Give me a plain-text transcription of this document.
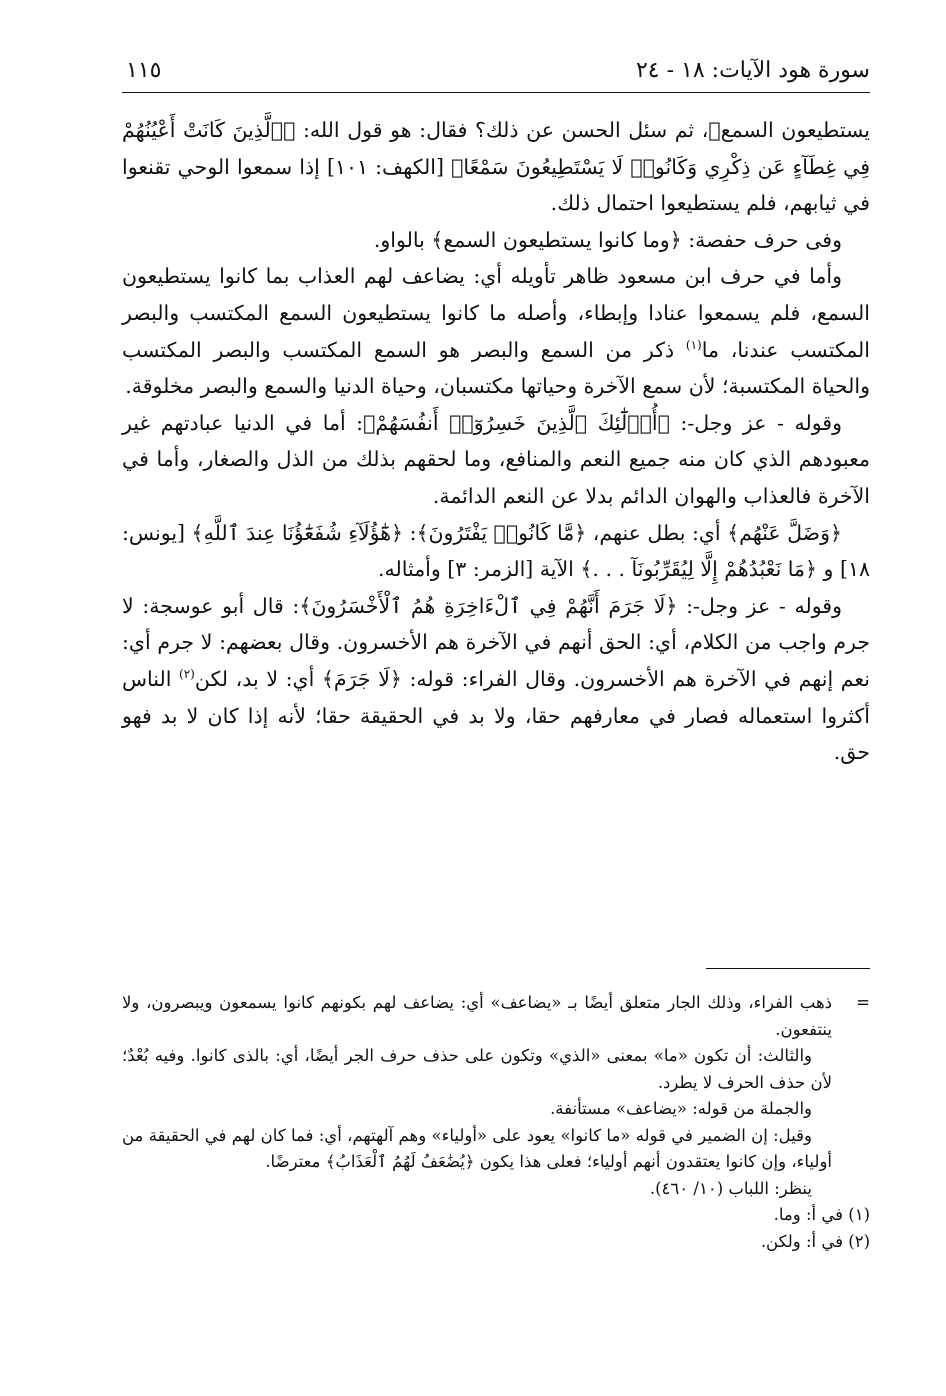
سورة هود الآيات: ١٨ - ٢٤
١١٥

يستطيعون السمع﴾، ثم سئل الحسن عن ذلك؟ فقال: هو قول الله: ﴿ٱلَّذِينَ كَانَتْ أَعْيُنُهُمْ فِي غِطَآءٍ عَن ذِكْرِي وَكَانُوا۟ لَا يَسْتَطِيعُونَ سَمْعًا﴾ [الكهف: ١٠١] إذا سمعوا الوحي تقنعوا في ثيابهم، فلم يستطيعوا احتمال ذلك.

وفى حرف حفصة: ﴿وما كانوا يستطيعون السمع﴾ بالواو.

وأما في حرف ابن مسعود ظاهر تأويله أي: يضاعف لهم العذاب بما كانوا يستطيعون السمع، فلم يسمعوا عنادا وإبطاء، وأصله ما كانوا يستطيعون السمع المكتسب والبصر المكتسب عندنا، ما$^{(١)}$ ذكر من السمع والبصر هو السمع المكتسب والبصر المكتسب والحياة المكتسبة؛ لأن سمع الآخرة وحياتها مكتسبان، وحياة الدنيا والسمع والبصر مخلوقة.

وقوله - عز وجل-: ﴿أُو۟لَٰٓئِكَ ٱلَّذِينَ خَسِرُوٓا۟ أَنفُسَهُمْ﴾: أما في الدنيا عبادتهم غير معبودهم الذي كان منه جميع النعم والمنافع، وما لحقهم بذلك من الذل والصغار، وأما في الآخرة فالعذاب والهوان الدائم بدلا عن النعم الدائمة.

﴿وَضَلَّ عَنْهُم﴾ أي: بطل عنهم، ﴿مَّا كَانُوا۟ يَفْتَرُونَ﴾: ﴿هَٰٓؤُلَآءِ شُفَعَٰٓؤُنَا عِندَ ٱللَّهِ﴾ [يونس: ١٨] و ﴿مَا نَعْبُدُهُمْ إِلَّا لِيُقَرِّبُونَآ . . .﴾ الآية [الزمر: ٣] وأمثاله.

وقوله - عز وجل-: ﴿لَا جَرَمَ أَنَّهُمْ فِي ٱلْءَاخِرَةِ هُمُ ٱلْأَخْسَرُونَ﴾: قال أبو عوسجة: لا جرم واجب من الكلام، أي: الحق أنهم في الآخرة هم الأخسرون. وقال بعضهم: لا جرم أي: نعم إنهم في الآخرة هم الأخسرون. وقال الفراء: قوله: ﴿لَا جَرَمَ﴾ أي: لا بد، لكن$^{(٢)}$ الناس أكثروا استعماله فصار في معارفهم حقا، ولا بد في الحقيقة حقا؛ لأنه إذا كان لا بد فهو حق.

=ذهب الفراء، وذلك الجار متعلق أيضًا بـ «يضاعف» أي: يضاعف لهم بكونهم كانوا يسمعون ويبصرون، ولا ينتفعون.

والثالث: أن تكون «ما» بمعنى «الذي» وتكون على حذف حرف الجر أيضًا، أي: بالذى كانوا. وفيه بُعْدٌ؛ لأن حذف الحرف لا يطرد.

والجملة من قوله: «يضاعف» مستأنفة.

وقيل: إن الضمير في قوله «ما كانوا» يعود على «أولياء» وهم آلهتهم، أي: فما كان لهم في الحقيقة من أولياء، وإن كانوا يعتقدون أنهم أولياء؛ فعلى هذا يكون ﴿يُضَٰعَفُ لَهُمُ ٱلْعَذَابُ﴾ معترضًا.

ينظر: اللباب (١٠/ ٤٦٠).

(١) في أ: وما.

(٢) في أ: ولكن.
